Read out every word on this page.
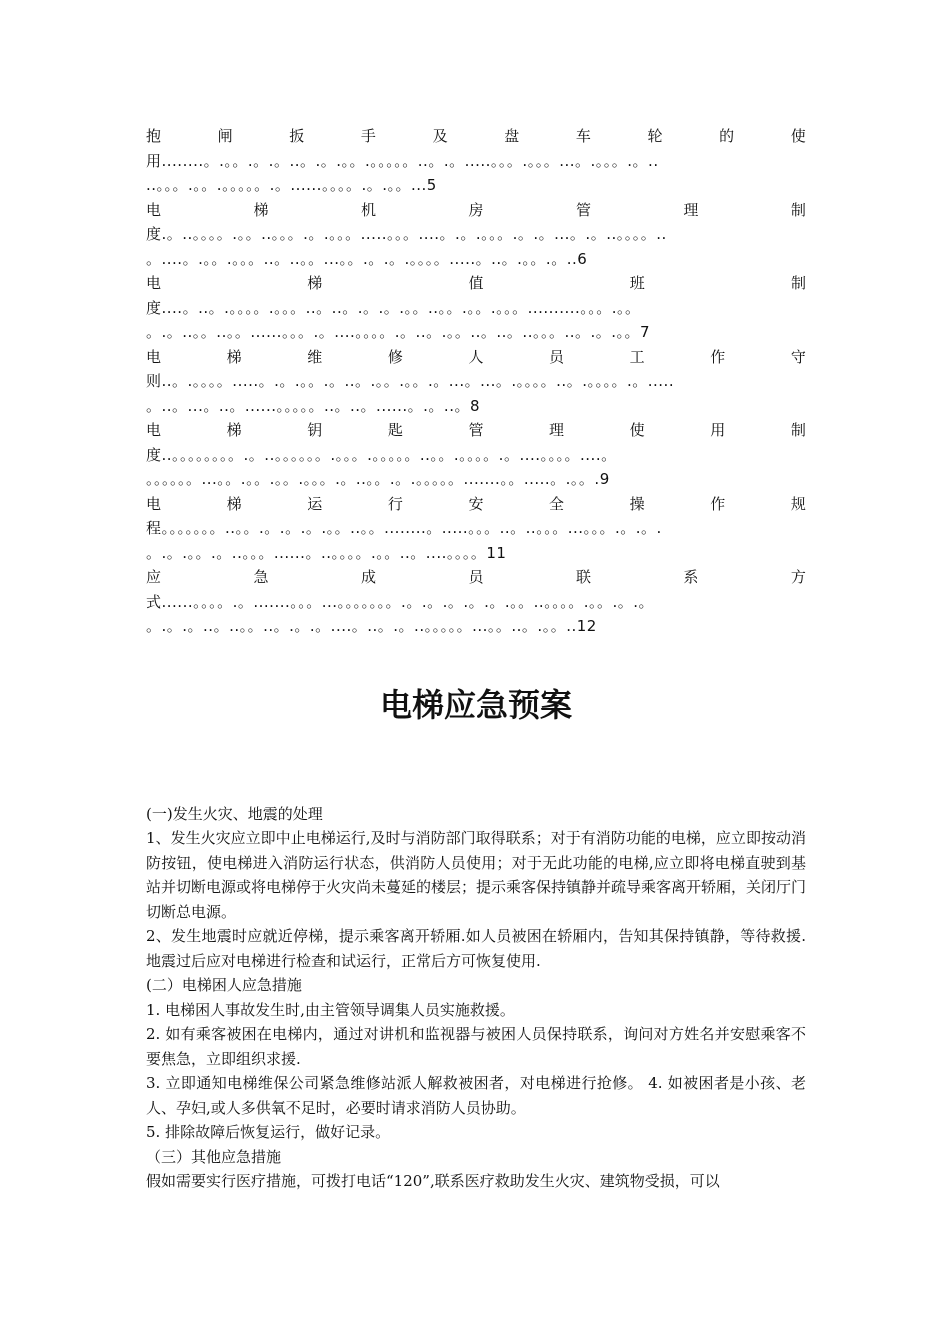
抱 闸 扳 手 及 盘 车 轮 的 使
用........。.。。.。.。..。.。.。。.。。。。。..。.。.....。。。.。。。...。.。。。.。..
..。。。.。。.。。。。。.。......。。。。.。.。。...5
电	梯	机	房	管	理	制
度.。..。。。。.。。..。。。.。.。。。.....。。。....。.。.。。。.。.。...。.。..。。。。..
。....。.。。.。。。..。..。。...。。.。.。.。。。。.....。..。.。。.。..6
电	梯	值	班	制
度....。..。.。。。。.。。。..。..。.。.。.。。..。。.。。.。。。..........。。。.。。
。.。..。。..。。......。。。.。....。。。。.。..。.。。..。..。..。。。..。.。.。。7
电 梯 维 修 人 员 工 作 守
则..。.。。。。.....。.。.。。.。..。.。。.。。.。...。...。.。。。。..。.。。。。.。.....
。..。...。..。......。。。。。..。..。......。.。..。8
电 梯 钥 匙 管 理 使 用 制
度..。。。。。。。。.。..。。。。。。.。。。.。。。。。..。。.。。。。.。....。。。。....。
。。。。。。...。。.。。.。。.。。。.。..。。.。.。。。。。.......。。.....。.。。.9
电 梯 运 行 安 全 操 作 规
程。。。。。。。..。。.。.。.。.。。..。。........。.....。。。..。..。。。...。。。.。.。.
。.。.。。.。..。。。......。..。。。。.。。..。....。。。。11
应	急	成	员	联	系	方
式......。。。。.。.......。。。...。。。。。。。.。.。.。.。.。.。。..。。。。.。。.。.。
。.。.。..。..。。..。.。.。....。..。.。..。。。。。...。。..。.。。..12
电梯应急预案

(一)发生火灾、地震的处理

1、发生火灾应立即中止电梯运行,及时与消防部门取得联系；对于有消防功能的电梯，应立即按动消防按钮，使电梯进入消防运行状态，供消防人员使用；对于无此功能的电梯,应立即将电梯直驶到基站并切断电源或将电梯停于火灾尚未蔓延的楼层；提示乘客保持镇静并疏导乘客离开轿厢，关闭厅门切断总电源。

2、发生地震时应就近停梯，提示乘客离开轿厢.如人员被困在轿厢内，告知其保持镇静，等待救援.地震过后应对电梯进行检查和试运行，正常后方可恢复使用.

(二）电梯困人应急措施

1. 电梯困人事故发生时,由主管领导调集人员实施救援。

2. 如有乘客被困在电梯内，通过对讲机和监视器与被困人员保持联系，询问对方姓名并安慰乘客不要焦急，立即组织求援.

3. 立即通知电梯维保公司紧急维修站派人解救被困者，对电梯进行抢修。 4. 如被困者是小孩、老人、孕妇,或人多供氧不足时，必要时请求消防人员协助。

5. 排除故障后恢复运行，做好记录。

（三）其他应急措施

假如需要实行医疗措施，可拨打电话“120”,联系医疗救助发生火灾、建筑物受损，可以
